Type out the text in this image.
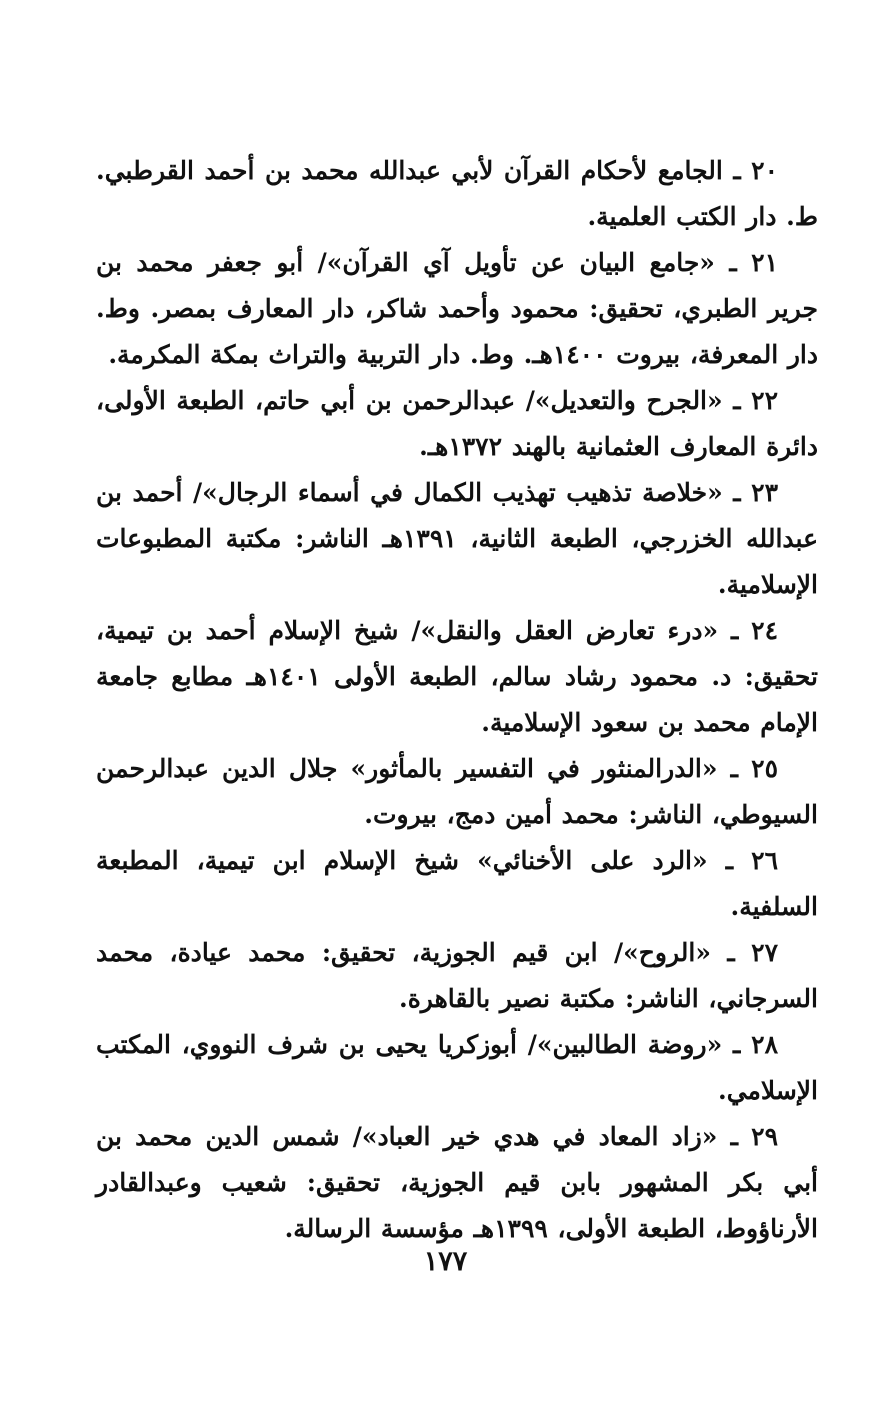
٢٠ ـ الجامع لأحكام القرآن لأبي عبدالله محمد بن أحمد القرطبي. ط. دار الكتب العلمية.

٢١ ـ «جامع البيان عن تأويل آي القرآن»/ أبو جعفر محمد بن جرير الطبري، تحقيق: محمود وأحمد شاكر، دار المعارف بمصر. وط. دار المعرفة، بيروت ١٤٠٠هـ. وط. دار التربية والتراث بمكة المكرمة.

٢٢ ـ «الجرح والتعديل»/ عبدالرحمن بن أبي حاتم، الطبعة الأولى، دائرة المعارف العثمانية بالهند ١٣٧٢هـ.

٢٣ ـ «خلاصة تذهيب تهذيب الكمال في أسماء الرجال»/ أحمد بن عبدالله الخزرجي، الطبعة الثانية، ١٣٩١هـ الناشر: مكتبة المطبوعات الإسلامية.

٢٤ ـ «درء تعارض العقل والنقل»/ شيخ الإسلام أحمد بن تيمية، تحقيق: د. محمود رشاد سالم، الطبعة الأولى ١٤٠١هـ مطابع جامعة الإمام محمد بن سعود الإسلامية.

٢٥ ـ «الدرالمنثور في التفسير بالمأثور» جلال الدين عبدالرحمن السيوطي، الناشر: محمد أمين دمج، بيروت.

٢٦ ـ «الرد على الأخنائي» شيخ الإسلام ابن تيمية، المطبعة السلفية.

٢٧ ـ «الروح»/ ابن قيم الجوزية، تحقيق: محمد عيادة، محمد السرجاني، الناشر: مكتبة نصير بالقاهرة.

٢٨ ـ «روضة الطالبين»/ أبوزكريا يحيى بن شرف النووي، المكتب الإسلامي.

٢٩ ـ «زاد المعاد في هدي خير العباد»/ شمس الدين محمد بن أبي بكر المشهور بابن قيم الجوزية، تحقيق: شعيب وعبدالقادر الأرناؤوط، الطبعة الأولى، ١٣٩٩هـ مؤسسة الرسالة.

١٧٧
